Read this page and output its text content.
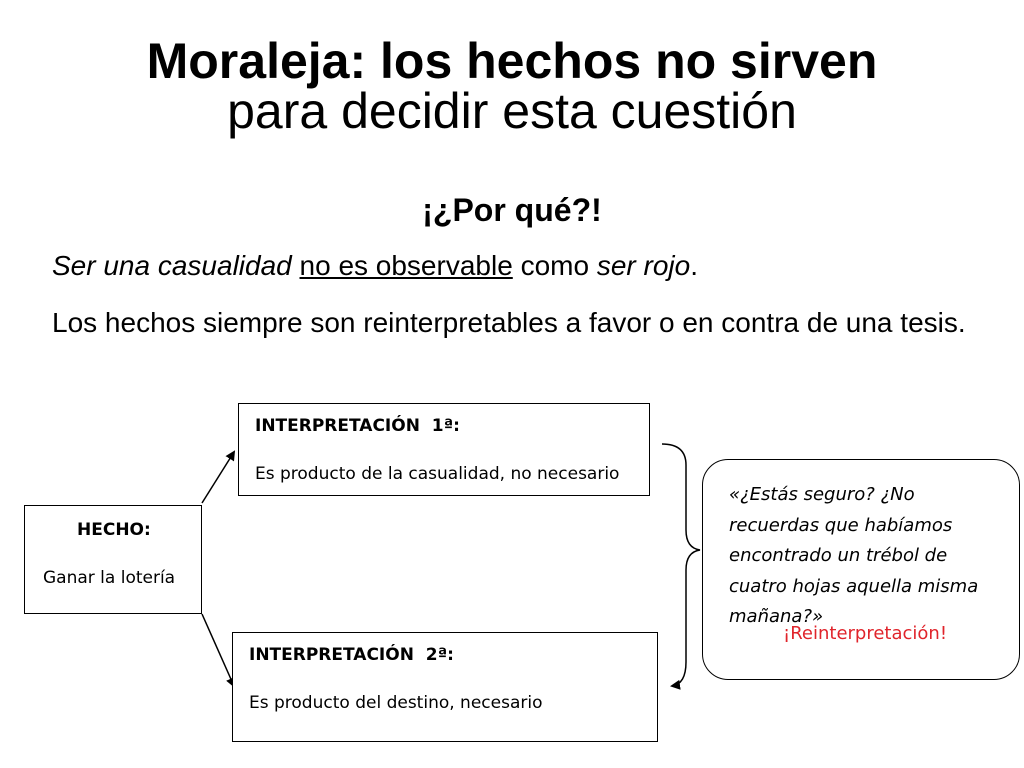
Moraleja: los hechos no sirven
para decidir esta cuestión
¡¿Por qué?!
Ser una casualidad no es observable como ser rojo.
Los hechos siempre son reinterpretables a favor o en contra de una tesis.
HECHO:
Ganar la lotería
INTERPRETACIÓN  1ª:
Es producto de la casualidad, no necesario
INTERPRETACIÓN  2ª:
Es producto del destino, necesario
«¿Estás seguro? ¿No recuerdas que habíamos encontrado un trébol de cuatro hojas aquella misma mañana?»
¡Reinterpretación!
